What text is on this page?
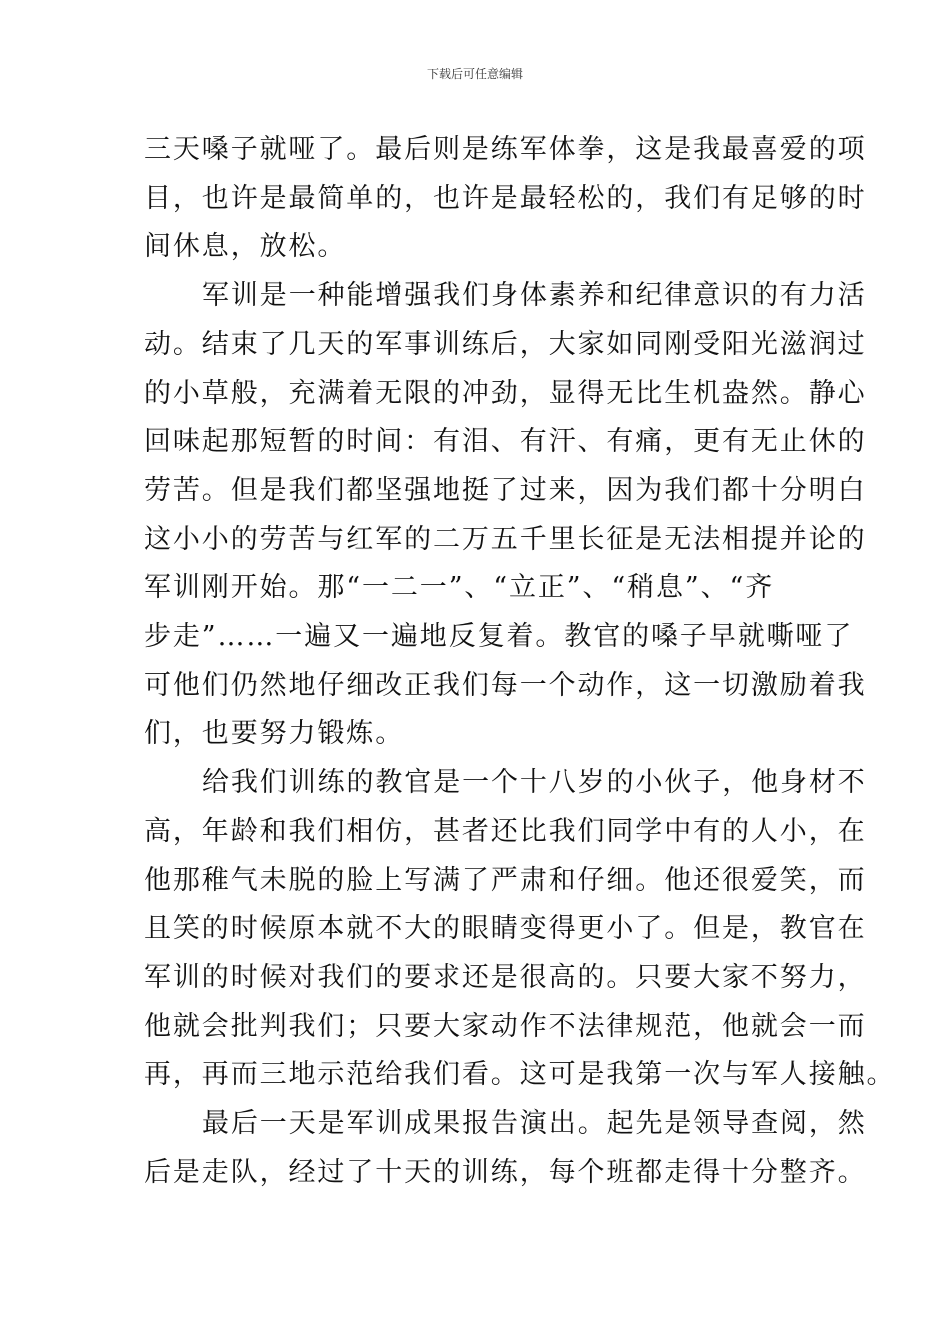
下载后可任意编辑

三天嗓子就哑了。最后则是练军体拳，这是我最喜爱的项
目，也许是最简单的，也许是最轻松的，我们有足够的时
间休息，放松。

军训是一种能增强我们身体素养和纪律意识的有力活
动。结束了几天的军事训练后，大家如同刚受阳光滋润过
的小草般，充满着无限的冲劲，显得无比生机盎然。静心
回味起那短暂的时间：有泪、有汗、有痛，更有无止休的
劳苦。但是我们都坚强地挺了过来，因为我们都十分明白
这小小的劳苦与红军的二万五千里长征是无法相提并论的
军训刚开始。那“一二一”、“立正”、“稍息”、“齐
步走”……一遍又一遍地反复着。教官的嗓子早就嘶哑了
可他们仍然地仔细改正我们每一个动作，这一切激励着我
们，也要努力锻炼。

给我们训练的教官是一个十八岁的小伙子，他身材不
高，年龄和我们相仿，甚者还比我们同学中有的人小，在
他那稚气未脱的脸上写满了严肃和仔细。他还很爱笑，而
且笑的时候原本就不大的眼睛变得更小了。但是，教官在
军训的时候对我们的要求还是很高的。只要大家不努力，
他就会批判我们；只要大家动作不法律规范，他就会一而
再，再而三地示范给我们看。这可是我第一次与军人接触。

最后一天是军训成果报告演出。起先是领导查阅，然
后是走队，经过了十天的训练，每个班都走得十分整齐。
